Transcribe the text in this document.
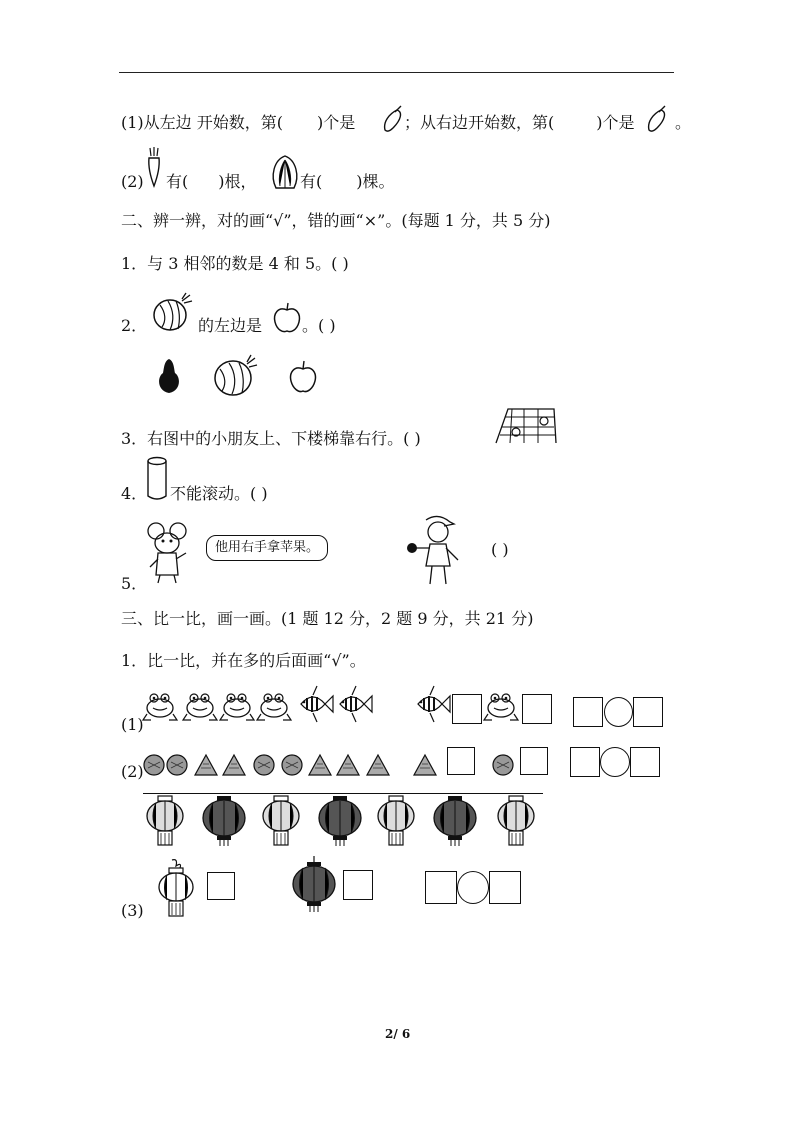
(1)从左边 开始数，第( )个是	；从右边开始数，第(	)个是	。
(2) 有( )根，	有( )棵。
二、辨一辨，对的画“√”，错的画“×”。(每题 1 分，共 5 分)
1．与 3 相邻的数是 4 和 5。( )
2．	的左边是 。( )
3．右图中的小朋友上、下楼梯靠右行。( )
4． 不能滚动。( )
他用右手拿苹果。	( )
5．
三、比一比，画一画。(1 题 12 分，2 题 9 分，共 21 分)
1．比一比，并在多的后面画“√”。
(1)
(2)
(3)
2/ 6
